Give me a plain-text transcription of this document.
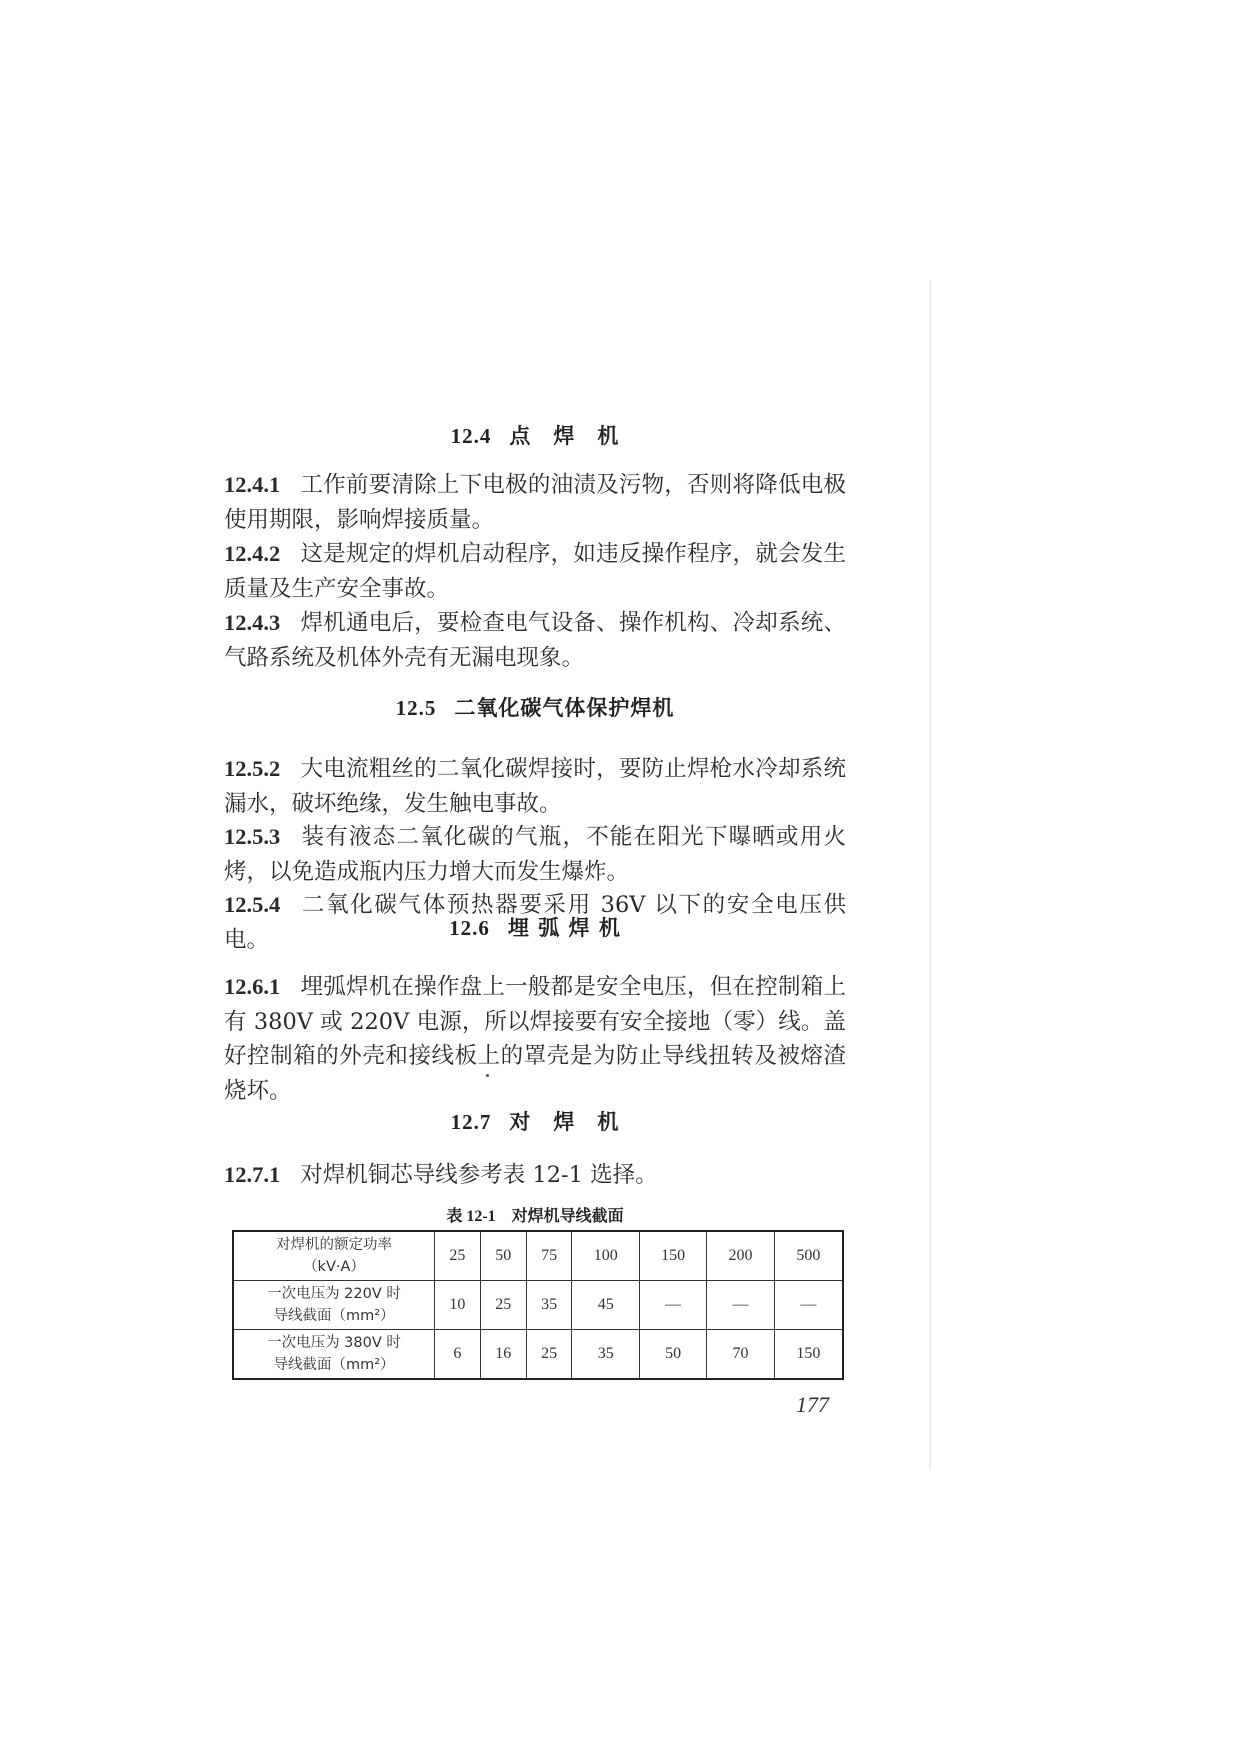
12.4 点　焊　机
12.4.1 工作前要清除上下电极的油渍及污物，否则将降低电极使用期限，影响焊接质量。
12.4.2 这是规定的焊机启动程序，如违反操作程序，就会发生质量及生产安全事故。
12.4.3 焊机通电后，要检查电气设备、操作机构、冷却系统、气路系统及机体外壳有无漏电现象。
12.5 二氧化碳气体保护焊机
12.5.2 大电流粗丝的二氧化碳焊接时，要防止焊枪水冷却系统漏水，破坏绝缘，发生触电事故。
12.5.3 装有液态二氧化碳的气瓶，不能在阳光下曝晒或用火烤，以免造成瓶内压力增大而发生爆炸。
12.5.4 二氧化碳气体预热器要采用 36V 以下的安全电压供电。	12.6 埋 弧 焊 机
12.6.1 埋弧焊机在操作盘上一般都是安全电压，但在控制箱上有 380V 或 220V 电源，所以焊接要有安全接地（零）线。盖好控制箱的外壳和接线板上的罩壳是为防止导线扭转及被熔渣烧坏。
12.7 对　焊　机
12.7.1 对焊机铜芯导线参考表 12-1 选择。
表 12-1 对焊机导线截面
对焊机的额定功率
（kV·A）	25	50	75	100	150	200	500

一次电压为 220V 时
导线截面（mm²）	10	25	35	45	—	—	—

一次电压为 380V 时
导线截面（mm²）	6	16	25	35	50	70	150
177
